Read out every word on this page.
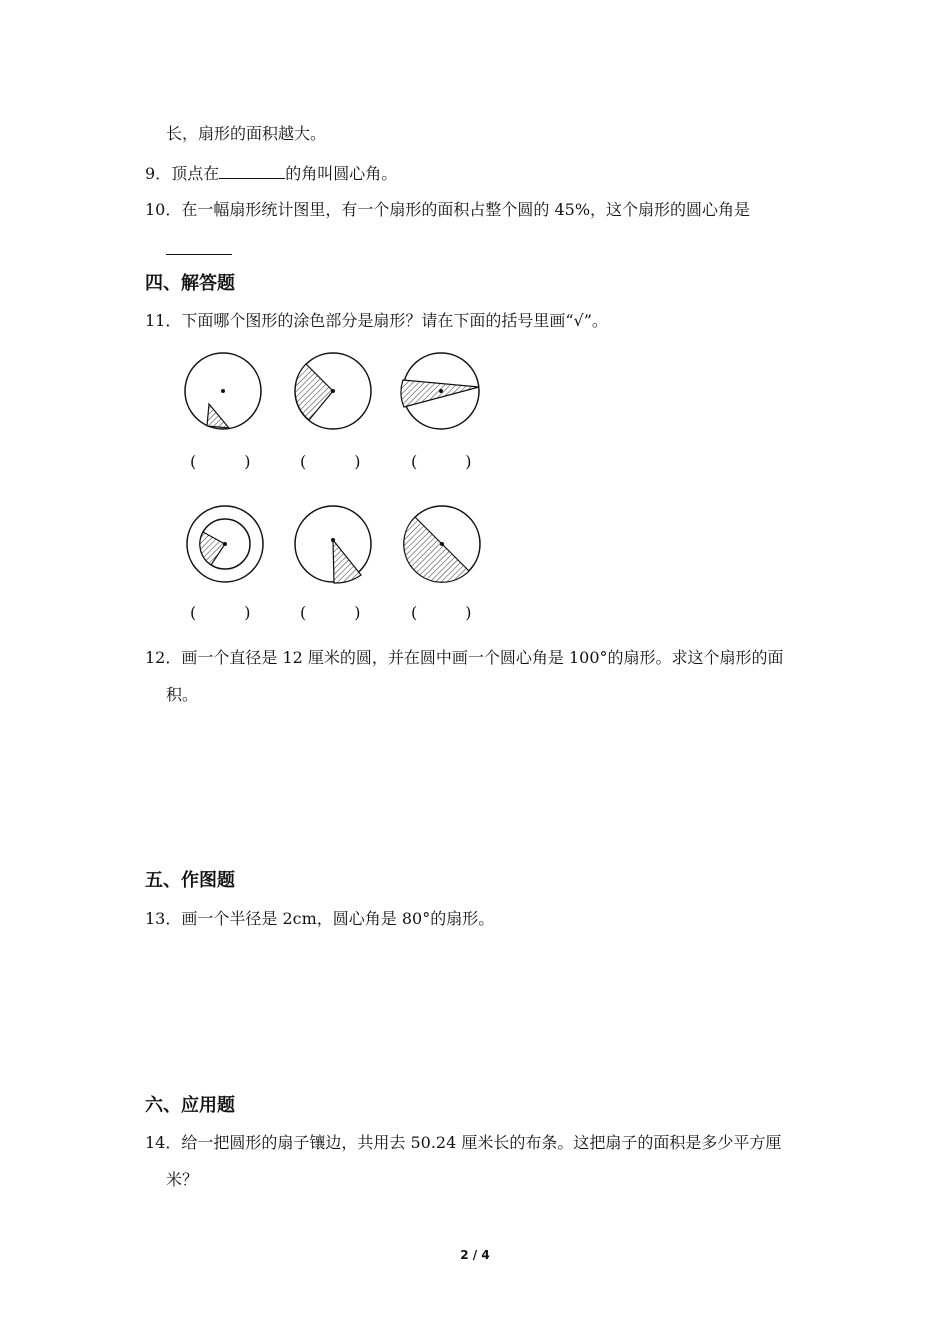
长，扇形的面积越大。
9．顶点在	的角叫圆心角。
10．在一幅扇形统计图里，有一个扇形的面积占整个圆的 45%，这个扇形的圆心角是
四、解答题
11．下面哪个图形的涂色部分是扇形？请在下面的括号里画“√”。
(　　　)	(　　　)	(　　　)
(　　　)	(　　　)	(　　　)
12．画一个直径是 12 厘米的圆，并在圆中画一个圆心角是 100°的扇形。求这个扇形的面
积。
五、作图题
13．画一个半径是 2cm，圆心角是 80°的扇形。
六、应用题
14．给一把圆形的扇子镶边，共用去 50.24 厘米长的布条。这把扇子的面积是多少平方厘
米？
2 / 4
